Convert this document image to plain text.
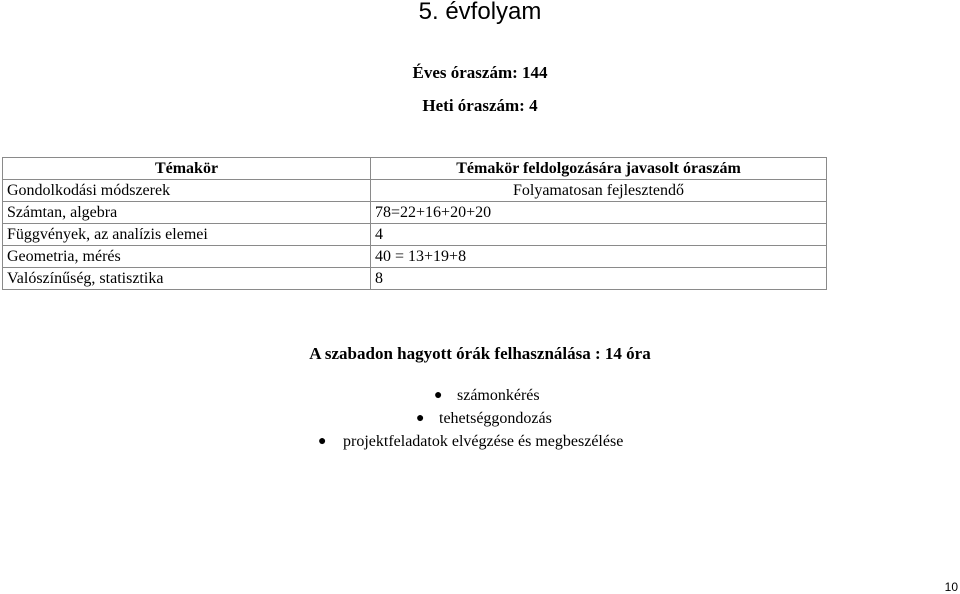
5. évfolyam
Éves óraszám: 144
Heti óraszám: 4
Témakör	Témakör feldolgozására javasolt óraszám
Gondolkodási módszerek	Folyamatosan fejlesztendő
Számtan, algebra	78=22+16+20+20
Függvények, az analízis elemei	4
Geometria, mérés	40 = 13+19+8
Valószínűség, statisztika	8
A szabadon hagyott órák felhasználása : 14 óra
● számonkérés
● tehetséggondozás
● projektfeladatok elvégzése és megbeszélése
10
